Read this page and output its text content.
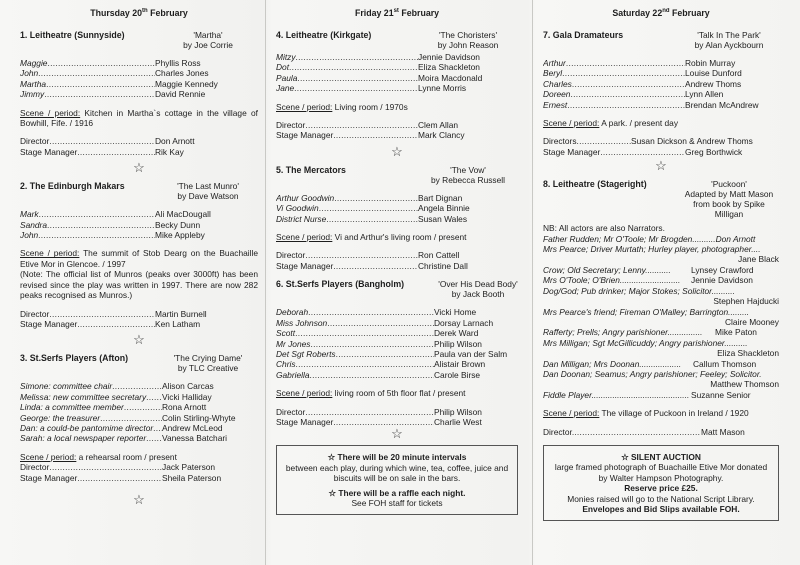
Thursday 20th February
1. Leitheatre (Sunnyside)	'Martha'
by Joe Corrie
Maggie .....	Phyllis Ross
John .....	Charles Jones
Martha .....	Maggie Kennedy
Jimmy .....	David Rennie
Scene / period: Kitchen in Martha`s cottage in the village of Bowhill, Fife. / 1916
Director .....	Don Arnott
Stage Manager .....	Rik Kay
☆
2. The Edinburgh Makars	'The Last Munro'
by Dave Watson
Mark .....	Ali MacDougall
Sandra .....	Becky Dunn
John .....	Mike Appleby
Scene / period: The summit of Stob Dearg on the Buachaille Etive Mor in Glencoe. / 1997
(Note: The official list of Munros (peaks over 3000ft) has been revised since the play was written in 1997. There are now 282 peaks recognised as Munros.)
Director .....	Martin Burnell
Stage Manager .....	Ken Latham
☆
3. St.Serfs Players (Afton)	'The Crying Dame'
by TLC Creative
Simone: committee chair .....	Alison Carcas
Melissa: new committee secretary .....	Vicki Halliday
Linda: a committee member .....	Rona Arnott
George: the treasurer .....	Colin Stirling-Whyte
Dan: a could-be pantomime director .....	Andrew McLeod
Sarah: a local newspaper reporter .....	Vanessa Batchari
Scene / period: a rehearsal room / present
Director .....	Jack Paterson
Stage Manager .....	Sheila Paterson
☆
Friday 21st February
4. Leitheatre (Kirkgate)	'The Choristers'
by John Reason
Mitzy .....	Jennie Davidson
Dot .....	Eliza Shackleton
Paula .....	Moira Macdonald
Jane .....	Lynne Morris
Scene / period: Living room / 1970s
Director .....	Clem Allan
Stage Manager .....	Mark Clancy
☆
5. The Mercators	'The Vow'
by Rebecca Russell
Arthur Goodwin .....	Bart Dignan
Vi Goodwin .....	Angela Binnie
District Nurse .....	Susan Wales
Scene / period: Vi and Arthur's living room / present
Director .....	Ron Cattell
Stage Manager .....	Christine Dall
6. St.Serfs Players (Bangholm)	'Over His Dead Body'
by Jack Booth
Deborah .....	Vicki Home
Miss Johnson .....	Dorsay Larnach
Scott .....	Derek Ward
Mr Jones .....	Philip Wilson
Det Sgt Roberts .....	Paula van der Salm
Chris .....	Alistair Brown
Gabriella .....	Carole Birse
Scene / period: living room of 5th floor flat / present
Director .....	Philip Wilson
Stage Manager .....	Charlie West
☆
☆ There will be 20 minute intervals
between each play, during which wine, tea, coffee, juice and biscuits will be on sale in the bars.
☆ There will be a raffle each night.
See FOH staff for tickets
Saturday 22nd February
7. Gala Dramateurs	'Talk In The Park'
by Alan Ayckbourn
Arthur .....	Robin Murray
Beryl .....	Louise Dunford
Charles .....	Andrew Thoms
Doreen .....	Lynn Allen
Ernest .....	Brendan McAndrew
Scene / period: A park. / present day
Directors .....	Susan Dickson & Andrew Thoms
Stage Manager .....	Greg Borthwick
☆
8. Leitheatre (Stageright)	'Puckoon'
Adapted by Matt Mason from book by Spike Milligan
NB: All actors are also Narrators.
Father Rudden; Mr O'Toole; Mr Brogden..........Don Arnott
Mrs Pearce; Driver Murtath; Hurley player, photographer....
Jane Black
Crow; Old Secretary; Lenny...........	Lynsey Crawford
Mrs O'Toole; O'Brien..........................	Jennie Davidson
Dog/God; Pub drinker; Major Stokes; Solicitor..........
Stephen Hajducki
Mrs Pearce's friend; Fireman O'Malley; Barrington.........
Claire Mooney
Rafferty; Prells; Angry parishioner...............	Mike Paton
Mrs Milligan; Sgt McGillicuddy; Angry parishioner..........
Eliza Shackleton
Dan Milligan; Mrs Doonan..................	Callum Thomson
Dan Doonan; Seamus; Angry parishioner; Feeley; Solicitor.
Matthew Thomson
Fiddle Player.......................................... Suzanne Senior
Scene / period: The village of Puckoon in Ireland / 1920
Director. .....	Matt Mason
☆ SILENT AUCTION
large framed photograph of Buachaille Etive Mor donated by Walter Hampson Photography.
Reserve price £25.
Monies raised will go to the National Script Library.
Envelopes and Bid Slips available FOH.
